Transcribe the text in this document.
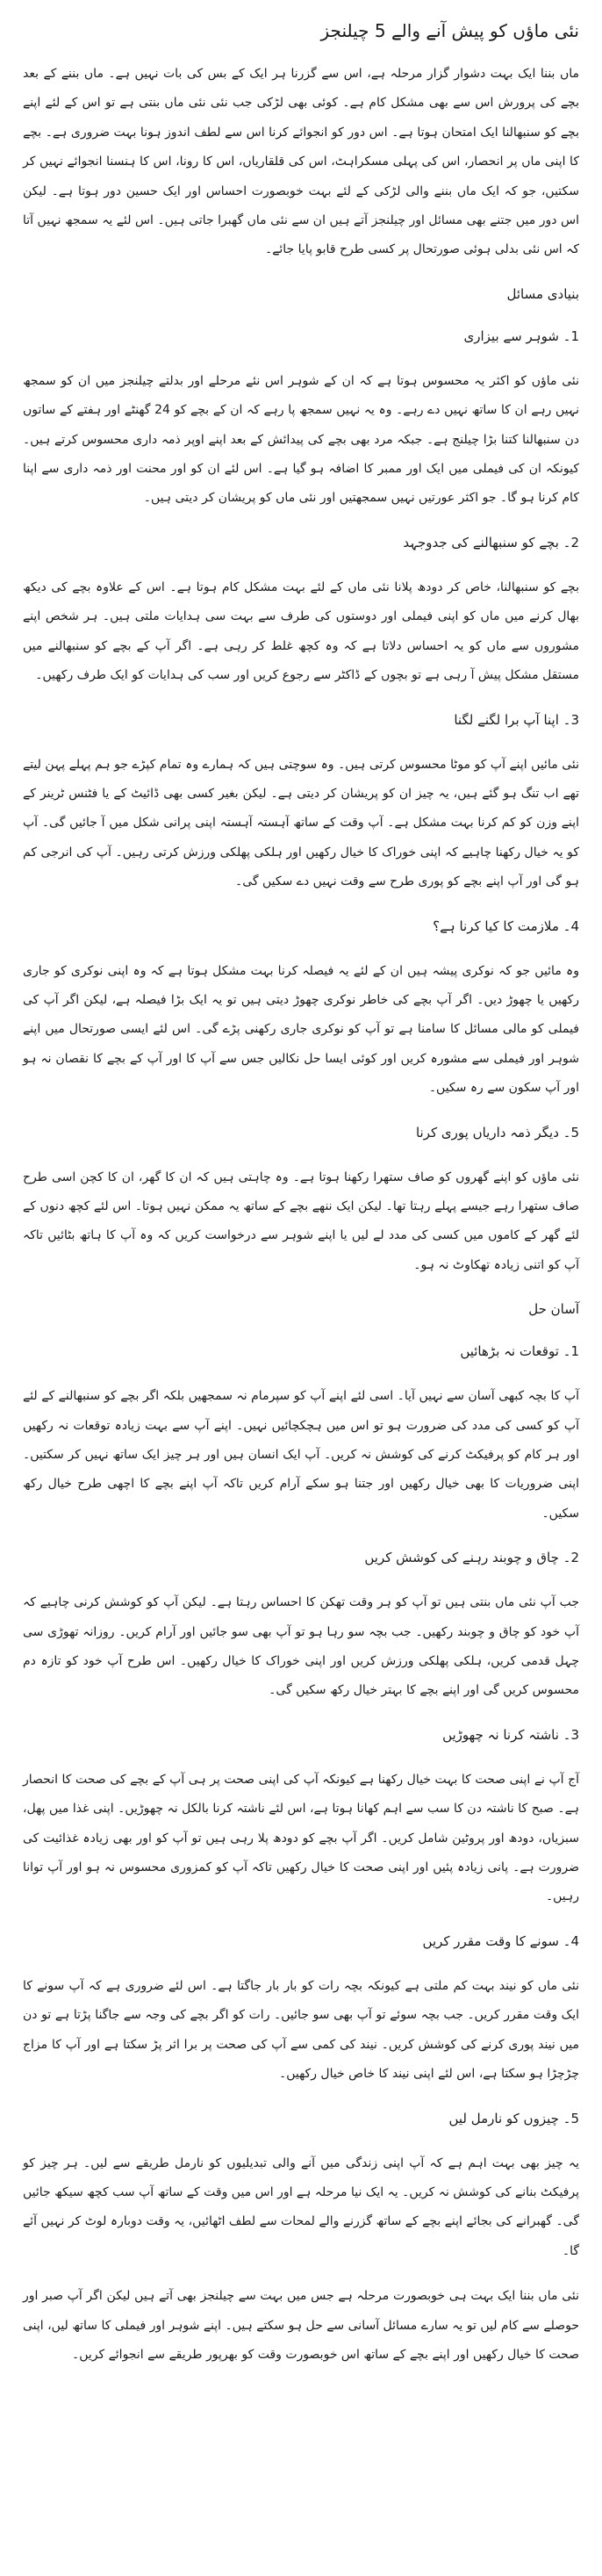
نئی ماؤں کو پیش آنے والے 5 چیلنجز
ماں بننا ایک بہت دشوار گزار مرحلہ ہے، اس سے گزرنا ہر ایک کے بس کی بات نہیں ہے۔ ماں بننے کے بعد بچے کی پرورش اس سے بھی مشکل کام ہے۔ کوئی بھی لڑکی جب نئی نئی ماں بنتی ہے تو اس کے لئے اپنے بچے کو سنبھالنا ایک امتحان ہوتا ہے۔ اس دور کو انجوائے کرنا اس سے لطف اندوز ہونا بہت ضروری ہے۔ بچے کا اپنی ماں پر انحصار، اس کی پہلی مسکراہٹ، اس کی قلقاریاں، اس کا رونا، اس کا ہنسنا انجوائے نہیں کر سکتیں، جو کہ ایک ماں بننے والی لڑکی کے لئے بہت خوبصورت احساس اور ایک حسین دور ہوتا ہے۔ لیکن اس دور میں جتنے بھی مسائل اور چیلنجز آتے ہیں ان سے نئی ماں گھبرا جاتی ہیں۔ اس لئے یہ سمجھ نہیں آتا کہ اس نئی بدلی ہوئی صورتحال پر کسی طرح قابو پایا جائے۔
بنیادی مسائل
1۔ شوہر سے بیزاری
نئی ماؤں کو اکثر یہ محسوس ہوتا ہے کہ ان کے شوہر اس نئے مرحلے اور بدلتے چیلنجز میں ان کو سمجھ نہیں رہے ان کا ساتھ نہیں دے رہے۔ وہ یہ نہیں سمجھ پا رہے کہ ان کے بچے کو 24 گھنٹے اور ہفتے کے ساتوں دن سنبھالنا کتنا بڑا چیلنج ہے۔ جبکہ مرد بھی بچے کی پیدائش کے بعد اپنے اوپر ذمہ داری محسوس کرتے ہیں۔ کیونکہ ان کی فیملی میں ایک اور ممبر کا اضافہ ہو گیا ہے۔ اس لئے ان کو اور محنت اور ذمہ داری سے اپنا کام کرنا ہو گا۔ جو اکثر عورتیں نہیں سمجھتیں اور نئی ماں کو پریشان کر دیتی ہیں۔
2۔ بچے کو سنبھالنے کی جدوجہد
بچے کو سنبھالنا، خاص کر دودھ پلانا نئی ماں کے لئے بہت مشکل کام ہوتا ہے۔ اس کے علاوہ بچے کی دیکھ بھال کرنے میں ماں کو اپنی فیملی اور دوستوں کی طرف سے بہت سی ہدایات ملتی ہیں۔ ہر شخص اپنے مشوروں سے ماں کو یہ احساس دلاتا ہے کہ وہ کچھ غلط کر رہی ہے۔ اگر آپ کے بچے کو سنبھالنے میں مستقل مشکل پیش آ رہی ہے تو بچوں کے ڈاکٹر سے رجوع کریں اور سب کی ہدایات کو ایک طرف رکھیں۔
3۔ اپنا آپ برا لگنے لگنا
نئی مائیں اپنے آپ کو موٹا محسوس کرتی ہیں۔ وہ سوچتی ہیں کہ ہمارے وہ تمام کپڑے جو ہم پہلے پہن لیتے تھے اب تنگ ہو گئے ہیں، یہ چیز ان کو پریشان کر دیتی ہے۔ لیکن بغیر کسی بھی ڈائیٹ کے یا فٹنس ٹرینر کے اپنے وزن کو کم کرنا بہت مشکل ہے۔ آپ وقت کے ساتھ آہستہ آہستہ اپنی پرانی شکل میں آ جائیں گی۔ آپ کو یہ خیال رکھنا چاہیے کہ اپنی خوراک کا خیال رکھیں اور ہلکی پھلکی ورزش کرتی رہیں۔ آپ کی انرجی کم ہو گی اور آپ اپنے بچے کو پوری طرح سے وقت نہیں دے سکیں گی۔
4۔ ملازمت کا کیا کرنا ہے؟
وہ مائیں جو کہ نوکری پیشہ ہیں ان کے لئے یہ فیصلہ کرنا بہت مشکل ہوتا ہے کہ وہ اپنی نوکری کو جاری رکھیں یا چھوڑ دیں۔ اگر آپ بچے کی خاطر نوکری چھوڑ دیتی ہیں تو یہ ایک بڑا فیصلہ ہے، لیکن اگر آپ کی فیملی کو مالی مسائل کا سامنا ہے تو آپ کو نوکری جاری رکھنی پڑے گی۔ اس لئے ایسی صورتحال میں اپنے شوہر اور فیملی سے مشورہ کریں اور کوئی ایسا حل نکالیں جس سے آپ کا اور آپ کے بچے کا نقصان نہ ہو اور آپ سکون سے رہ سکیں۔
5۔ دیگر ذمہ داریاں پوری کرنا
نئی ماؤں کو اپنے گھروں کو صاف ستھرا رکھنا ہوتا ہے۔ وہ چاہتی ہیں کہ ان کا گھر، ان کا کچن اسی طرح صاف ستھرا رہے جیسے پہلے رہتا تھا۔ لیکن ایک ننھے بچے کے ساتھ یہ ممکن نہیں ہوتا۔ اس لئے کچھ دنوں کے لئے گھر کے کاموں میں کسی کی مدد لے لیں یا اپنے شوہر سے درخواست کریں کہ وہ آپ کا ہاتھ بٹائیں تاکہ آپ کو اتنی زیادہ تھکاوٹ نہ ہو۔
آسان حل
1۔ توقعات نہ بڑھائیں
آپ کا بچہ کبھی آسان سے نہیں آیا۔ اسی لئے اپنے آپ کو سپرمام نہ سمجھیں بلکہ اگر بچے کو سنبھالنے کے لئے آپ کو کسی کی مدد کی ضرورت ہو تو اس میں ہچکچائیں نہیں۔ اپنے آپ سے بہت زیادہ توقعات نہ رکھیں اور ہر کام کو پرفیکٹ کرنے کی کوشش نہ کریں۔ آپ ایک انسان ہیں اور ہر چیز ایک ساتھ نہیں کر سکتیں۔ اپنی ضروریات کا بھی خیال رکھیں اور جتنا ہو سکے آرام کریں تاکہ آپ اپنے بچے کا اچھی طرح خیال رکھ سکیں۔
2۔ چاق و چوبند رہنے کی کوشش کریں
جب آپ نئی ماں بنتی ہیں تو آپ کو ہر وقت تھکن کا احساس رہتا ہے۔ لیکن آپ کو کوشش کرنی چاہیے کہ آپ خود کو چاق و چوبند رکھیں۔ جب بچہ سو رہا ہو تو آپ بھی سو جائیں اور آرام کریں۔ روزانہ تھوڑی سی چہل قدمی کریں، ہلکی پھلکی ورزش کریں اور اپنی خوراک کا خیال رکھیں۔ اس طرح آپ خود کو تازہ دم محسوس کریں گی اور اپنے بچے کا بہتر خیال رکھ سکیں گی۔
3۔ ناشتہ کرنا نہ چھوڑیں
آج آپ نے اپنی صحت کا بہت خیال رکھنا ہے کیونکہ آپ کی اپنی صحت پر ہی آپ کے بچے کی صحت کا انحصار ہے۔ صبح کا ناشتہ دن کا سب سے اہم کھانا ہوتا ہے، اس لئے ناشتہ کرنا بالکل نہ چھوڑیں۔ اپنی غذا میں پھل، سبزیاں، دودھ اور پروٹین شامل کریں۔ اگر آپ بچے کو دودھ پلا رہی ہیں تو آپ کو اور بھی زیادہ غذائیت کی ضرورت ہے۔ پانی زیادہ پئیں اور اپنی صحت کا خیال رکھیں تاکہ آپ کو کمزوری محسوس نہ ہو اور آپ توانا رہیں۔
4۔ سونے کا وقت مقرر کریں
نئی ماں کو نیند بہت کم ملتی ہے کیونکہ بچہ رات کو بار بار جاگتا ہے۔ اس لئے ضروری ہے کہ آپ سونے کا ایک وقت مقرر کریں۔ جب بچہ سوئے تو آپ بھی سو جائیں۔ رات کو اگر بچے کی وجہ سے جاگنا پڑتا ہے تو دن میں نیند پوری کرنے کی کوشش کریں۔ نیند کی کمی سے آپ کی صحت پر برا اثر پڑ سکتا ہے اور آپ کا مزاج چڑچڑا ہو سکتا ہے، اس لئے اپنی نیند کا خاص خیال رکھیں۔
5۔ چیزوں کو نارمل لیں
یہ چیز بھی بہت اہم ہے کہ آپ اپنی زندگی میں آنے والی تبدیلیوں کو نارمل طریقے سے لیں۔ ہر چیز کو پرفیکٹ بنانے کی کوشش نہ کریں۔ یہ ایک نیا مرحلہ ہے اور اس میں وقت کے ساتھ آپ سب کچھ سیکھ جائیں گی۔ گھبرانے کی بجائے اپنے بچے کے ساتھ گزرنے والے لمحات سے لطف اٹھائیں، یہ وقت دوبارہ لوٹ کر نہیں آئے گا۔
نئی ماں بننا ایک بہت ہی خوبصورت مرحلہ ہے جس میں بہت سے چیلنجز بھی آتے ہیں لیکن اگر آپ صبر اور حوصلے سے کام لیں تو یہ سارے مسائل آسانی سے حل ہو سکتے ہیں۔ اپنے شوہر اور فیملی کا ساتھ لیں، اپنی صحت کا خیال رکھیں اور اپنے بچے کے ساتھ اس خوبصورت وقت کو بھرپور طریقے سے انجوائے کریں۔
